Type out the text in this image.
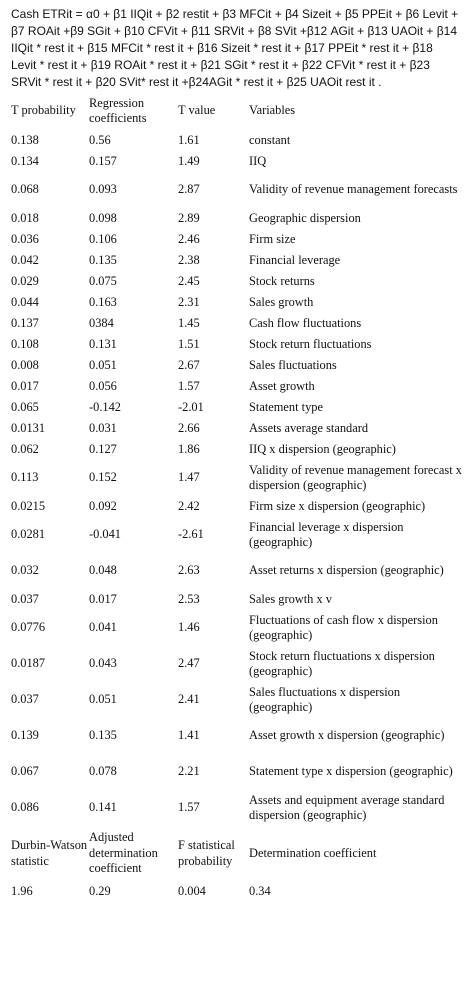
Cash ETRit = α0 + β1 IIQit + β2 restit + β3 MFCit + β4 Sizeit + β5 PPEit + β6 Levit + β7 ROAit +β9 SGit + β10 CFVit + β11 SRVit + β8 SVit +β12 AGit + β13 UAOit + β14 IIQit * rest it + β15 MFCit * rest it + β16 Sizeit * rest it + β17 PPEit * rest it + β18 Levit * rest it + β19 ROAit * rest it + β21 SGit * rest it + β22 CFVit * rest it + β23 SRVit * rest it + β20 SVit* rest it +β24AGit * rest it + β25 UAOit rest it .
T probability	Regression coefficients	T value	Variables
0.138	0.56	1.61	constant
0.134	0.157	1.49	IIQ
0.068	0.093	2.87	Validity of revenue management forecasts
0.018	0.098	2.89	Geographic dispersion
0.036	0.106	2.46	Firm size
0.042	0.135	2.38	Financial leverage
0.029	0.075	2.45	Stock returns
0.044	0.163	2.31	Sales growth
0.137	0384	1.45	Cash flow fluctuations
0.108	0.131	1.51	Stock return fluctuations
0.008	0.051	2.67	Sales fluctuations
0.017	0.056	1.57	Asset growth
0.065	-0.142	-2.01	Statement type
0.0131	0.031	2.66	Assets average standard
0.062	0.127	1.86	IIQ x dispersion (geographic)
0.113	0.152	1.47	Validity of revenue management forecast x dispersion (geographic)
0.0215	0.092	2.42	Firm size x dispersion (geographic)
0.0281	-0.041	-2.61	Financial leverage x dispersion (geographic)
0.032	0.048	2.63	Asset returns x dispersion (geographic)
0.037	0.017	2.53	Sales growth x v
0.0776	0.041	1.46	Fluctuations of cash flow x dispersion (geographic)
0.0187	0.043	2.47	Stock return fluctuations x dispersion (geographic)
0.037	0.051	2.41	Sales fluctuations x dispersion (geographic)
0.139	0.135	1.41	Asset growth x dispersion (geographic)
0.067	0.078	2.21	Statement type x dispersion (geographic)
0.086	0.141	1.57	Assets and equipment average standard dispersion (geographic)
Durbin-Watson statistic	Adjusted determination coefficient	F statistical probability	Determination coefficient
1.96	0.29	0.004	0.34
